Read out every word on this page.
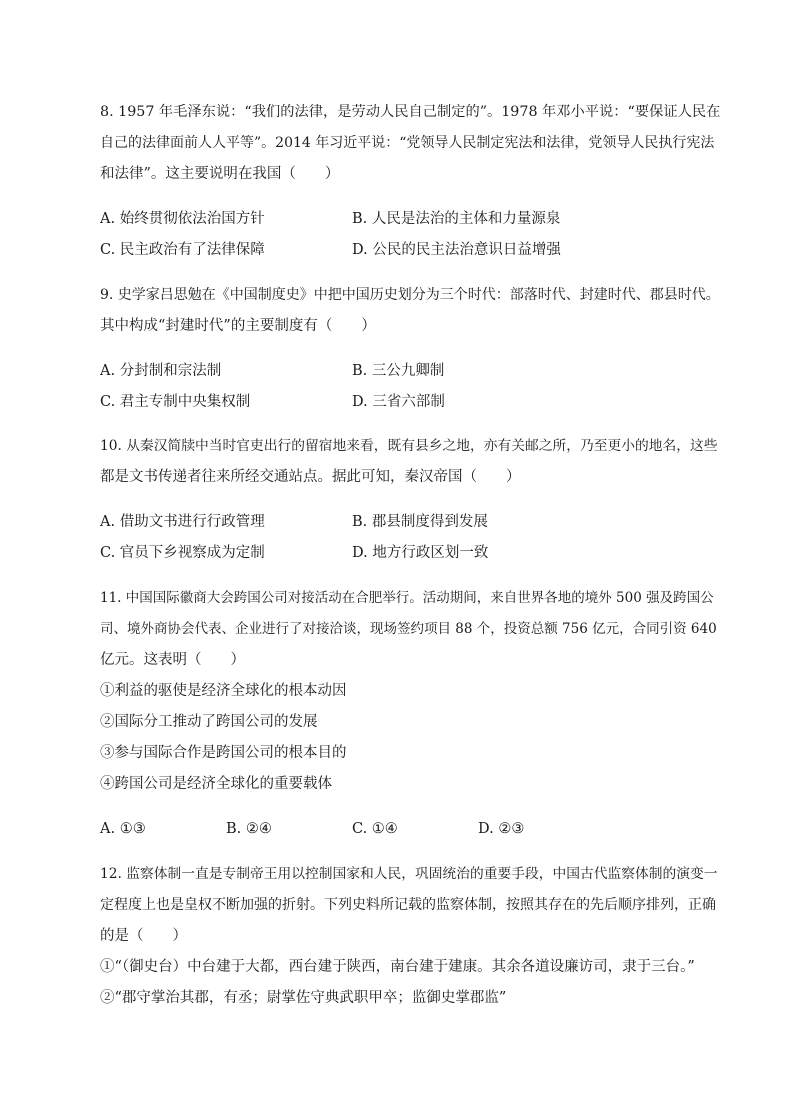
8. 1957 年毛泽东说：“我们的法律，是劳动人民自己制定的”。1978 年邓小平说：“要保证人民在
自己的法律面前人人平等”。2014 年习近平说：“党领导人民制定宪法和法律，党领导人民执行宪法
和法律”。这主要说明在我国（　　）
A. 始终贯彻依法治国方针	B. 人民是法治的主体和力量源泉
C. 民主政治有了法律保障	D. 公民的民主法治意识日益增强
9. 史学家吕思勉在《中国制度史》中把中国历史划分为三个时代：部落时代、封建时代、郡县时代。
其中构成“封建时代”的主要制度有（　　）
A. 分封制和宗法制	B. 三公九卿制
C. 君主专制中央集权制	D. 三省六部制
10. 从秦汉简牍中当时官吏出行的留宿地来看，既有县乡之地，亦有关邮之所，乃至更小的地名，这些
都是文书传递者往来所经交通站点。据此可知，秦汉帝国（　　）
A. 借助文书进行行政管理	B. 郡县制度得到发展
C. 官员下乡视察成为定制	D. 地方行政区划一致
11. 中国国际徽商大会跨国公司对接活动在合肥举行。活动期间，来自世界各地的境外 500 强及跨国公
司、境外商协会代表、企业进行了对接洽谈，现场签约项目 88 个，投资总额 756 亿元，合同引资 640
亿元。这表明（　　）
①利益的驱使是经济全球化的根本动因
②国际分工推动了跨国公司的发展
③参与国际合作是跨国公司的根本目的
④跨国公司是经济全球化的重要载体
A. ①③	B. ②④	C. ①④	D. ②③
12. 监察体制一直是专制帝王用以控制国家和人民，巩固统治的重要手段，中国古代监察体制的演变一
定程度上也是皇权不断加强的折射。下列史料所记载的监察体制，按照其存在的先后顺序排列，正确
的是（　　）
①“（御史台）中台建于大都，西台建于陕西，南台建于建康。其余各道设廉访司，隶于三台。”
②“郡守掌治其郡，有丞；尉掌佐守典武职甲卒；监御史掌郡监”
